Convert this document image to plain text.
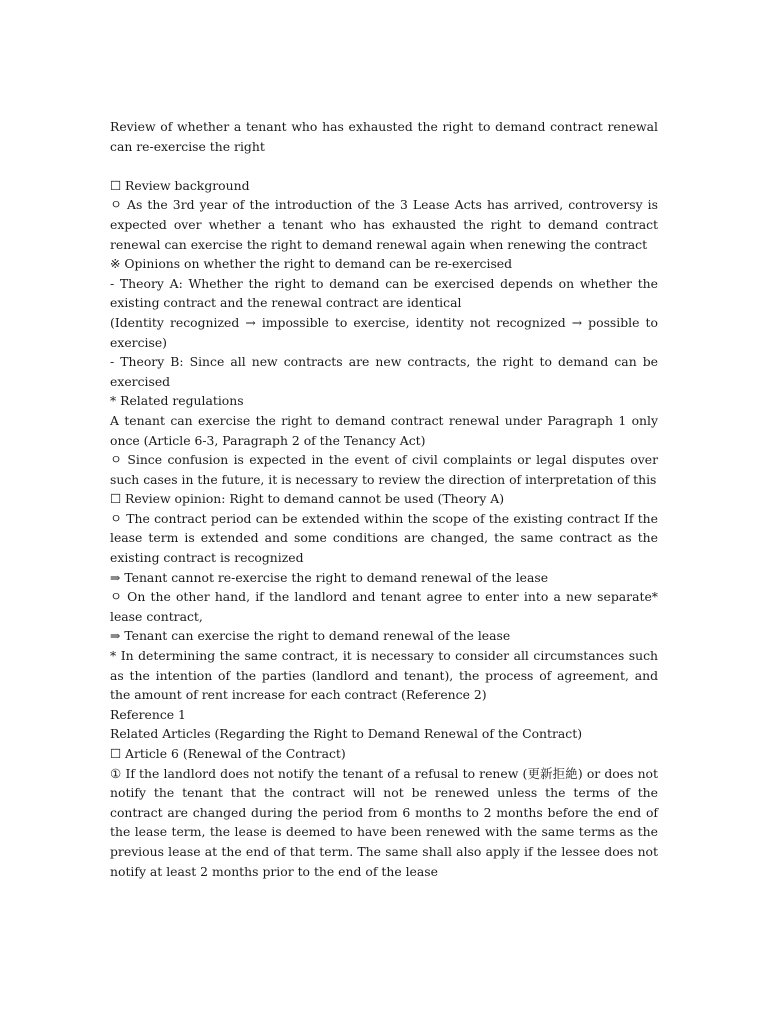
Review of whether a tenant who has exhausted the right to demand contract renewal can re-exercise the right

☐ Review background

ㅇ As the 3rd year of the introduction of the 3 Lease Acts has arrived, controversy is expected over whether a tenant who has exhausted the right to demand contract renewal can exercise the right to demand renewal again when renewing the contract

※ Opinions on whether the right to demand can be re-exercised

- Theory A: Whether the right to demand can be exercised depends on whether the existing contract and the renewal contract are identical

(Identity recognized → impossible to exercise, identity not recognized → possible to exercise)

- Theory B: Since all new contracts are new contracts, the right to demand can be exercised

* Related regulations

A tenant can exercise the right to demand contract renewal under Paragraph 1 only once (Article 6-3, Paragraph 2 of the Tenancy Act)

ㅇ Since confusion is expected in the event of civil complaints or legal disputes over such cases in the future, it is necessary to review the direction of interpretation of this

☐ Review opinion: Right to demand cannot be used (Theory A)

ㅇ The contract period can be extended within the scope of the existing contract If the lease term is extended and some conditions are changed, the same contract as the existing contract is recognized

⇒ Tenant cannot re-exercise the right to demand renewal of the lease

ㅇ On the other hand, if the landlord and tenant agree to enter into a new separate* lease contract,

⇒ Tenant can exercise the right to demand renewal of the lease

* In determining the same contract, it is necessary to consider all circumstances such as the intention of the parties (landlord and tenant), the process of agreement, and the amount of rent increase for each contract (Reference 2)

Reference 1

Related Articles (Regarding the Right to Demand Renewal of the Contract)

☐ Article 6 (Renewal of the Contract)

① If the landlord does not notify the tenant of a refusal to renew (更新拒絶) or does not notify the tenant that the contract will not be renewed unless the terms of the contract are changed during the period from 6 months to 2 months before the end of the lease term, the lease is deemed to have been renewed with the same terms as the previous lease at the end of that term. The same shall also apply if the lessee does not notify at least 2 months prior to the end of the lease
